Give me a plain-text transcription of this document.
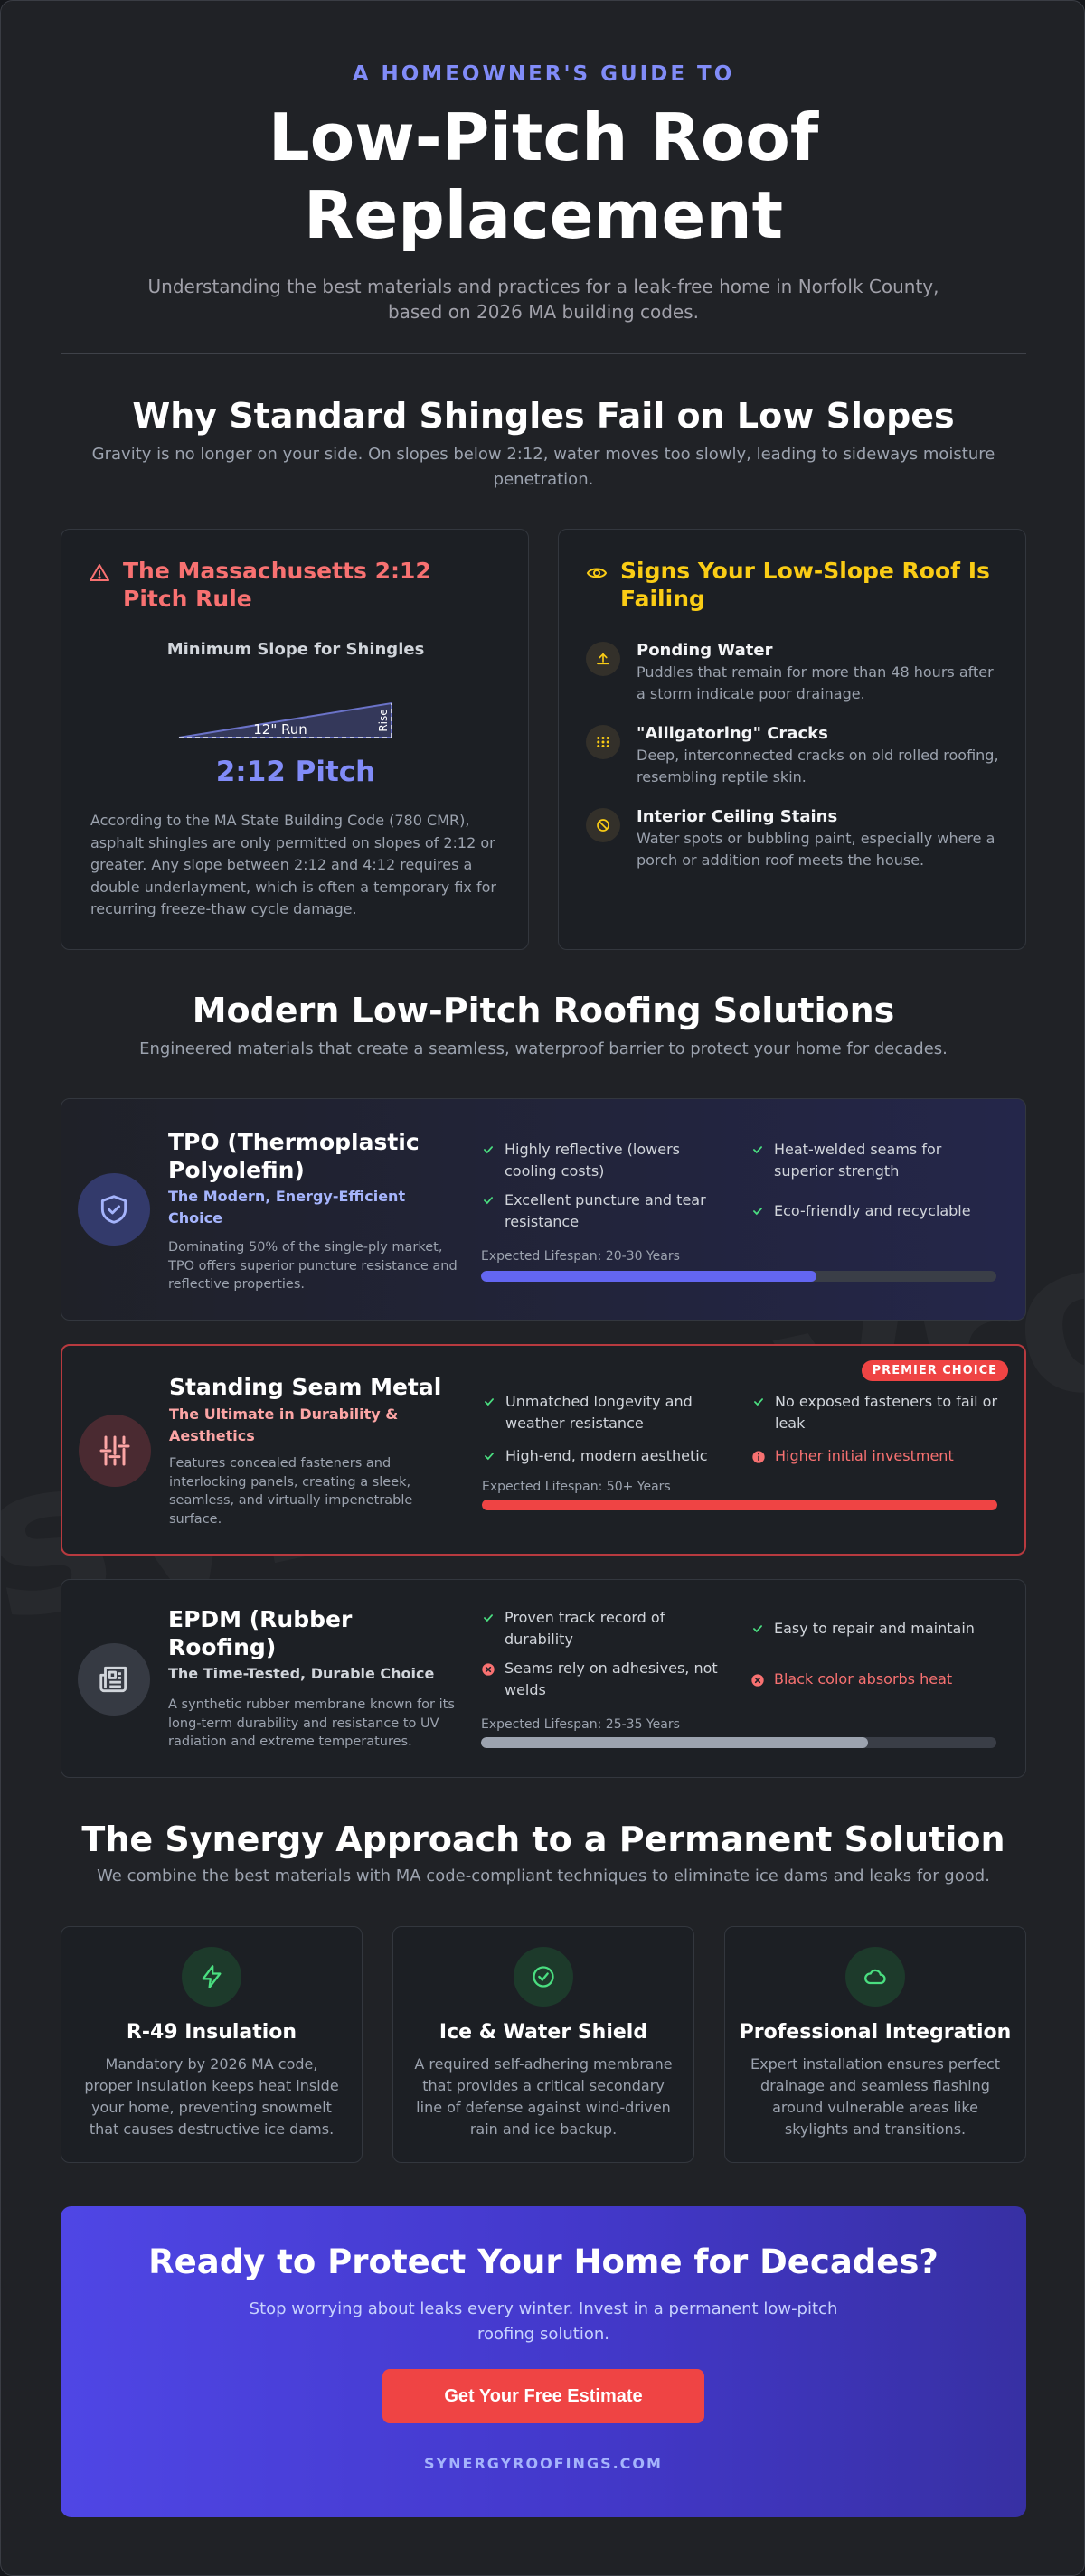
A HOMEOWNER'S GUIDE TO
Low-Pitch Roof
Replacement
Understanding the best materials and practices for a leak-free home in Norfolk County, based on 2026 MA building codes.
Why Standard Shingles Fail on Low Slopes
Gravity is no longer on your side. On slopes below 2:12, water moves too slowly, leading to sideways moisture penetration.
The Massachusetts 2:12 Pitch Rule
Minimum Slope for Shingles
12" Run	Rise
2:12 Pitch
According to the MA State Building Code (780 CMR), asphalt shingles are only permitted on slopes of 2:12 or greater. Any slope between 2:12 and 4:12 requires a double underlayment, which is often a temporary fix for recurring freeze-thaw cycle damage.
Signs Your Low-Slope Roof Is Failing
Ponding Water
Puddles that remain for more than 48 hours after a storm indicate poor drainage.
"Alligatoring" Cracks
Deep, interconnected cracks on old rolled roofing, resembling reptile skin.
Interior Ceiling Stains
Water spots or bubbling paint, especially where a porch or addition roof meets the house.
Modern Low-Pitch Roofing Solutions
Engineered materials that create a seamless, waterproof barrier to protect your home for decades.
TPO (Thermoplastic Polyolefin)
The Modern, Energy-Efficient Choice
Dominating 50% of the single-ply market, TPO offers superior puncture resistance and reflective properties.
Highly reflective (lowers cooling costs)
Heat-welded seams for superior strength
Excellent puncture and tear resistance
Eco-friendly and recyclable
Expected Lifespan: 20-30 Years
PREMIER CHOICE
Standing Seam Metal
The Ultimate in Durability & Aesthetics
Features concealed fasteners and interlocking panels, creating a sleek, seamless, and virtually impenetrable surface.
Unmatched longevity and weather resistance
No exposed fasteners to fail or leak
High-end, modern aesthetic	Higher initial investment
Expected Lifespan: 50+ Years
EPDM (Rubber Roofing)
The Time-Tested, Durable Choice
A synthetic rubber membrane known for its long-term durability and resistance to UV radiation and extreme temperatures.
Proven track record of durability
Easy to repair and maintain
Seams rely on adhesives, not welds
Black color absorbs heat
Expected Lifespan: 25-35 Years
The Synergy Approach to a Permanent Solution
We combine the best materials with MA code-compliant techniques to eliminate ice dams and leaks for good.
R-49 Insulation
Mandatory by 2026 MA code, proper insulation keeps heat inside your home, preventing snowmelt that causes destructive ice dams.
Ice & Water Shield
A required self-adhering membrane that provides a critical secondary line of defense against wind-driven rain and ice backup.
Professional Integration
Expert installation ensures perfect drainage and seamless flashing around vulnerable areas like skylights and transitions.
Ready to Protect Your Home for Decades?
Stop worrying about leaks every winter. Invest in a permanent low-pitch roofing solution.
Get Your Free Estimate
SYNERGYROOFINGS.COM
